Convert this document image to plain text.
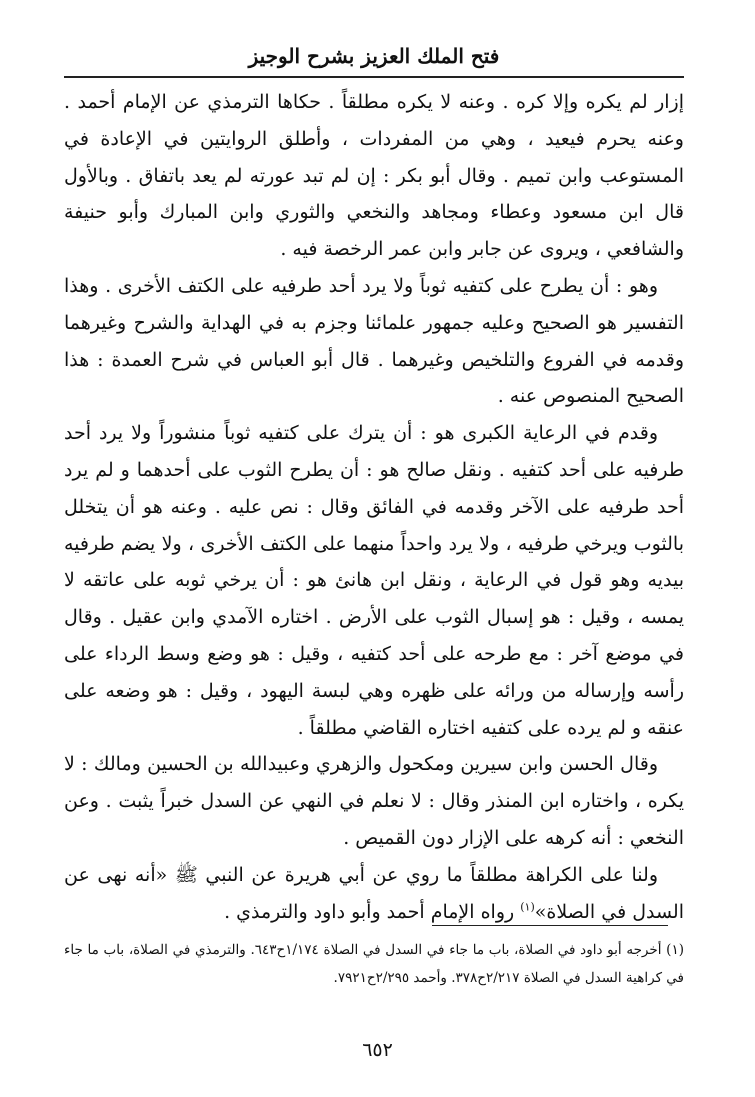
فتح الملك العزيز بشرح الوجيز

إزار لم يكره وإلا كره . وعنه لا يكره مطلقاً . حكاها الترمذي عن الإمام أحمد . وعنه يحرم فيعيد ، وهي من المفردات ، وأطلق الروايتين في الإعادة في المستوعب وابن تميم . وقال أبو بكر : إن لم تبد عورته لم يعد باتفاق . وبالأول قال ابن مسعود وعطاء ومجاهد والنخعي والثوري وابن المبارك وأبو حنيفة والشافعي ، ويروى عن جابر وابن عمر الرخصة فيه .

وهو : أن يطرح على كتفيه ثوباً ولا يرد أحد طرفيه على الكتف الأخرى . وهذا التفسير هو الصحيح وعليه جمهور علمائنا وجزم به في الهداية والشرح وغيرهما وقدمه في الفروع والتلخيص وغيرهما . قال أبو العباس في شرح العمدة : هذا الصحيح المنصوص عنه .

وقدم في الرعاية الكبرى هو : أن يترك على كتفيه ثوباً منشوراً ولا يرد أحد طرفيه على أحد كتفيه . ونقل صالح هو : أن يطرح الثوب على أحدهما و لم يرد أحد طرفيه على الآخر وقدمه في الفائق وقال : نص عليه . وعنه هو أن يتخلل بالثوب ويرخي طرفيه ، ولا يرد واحداً منهما على الكتف الأخرى ، ولا يضم طرفيه بيديه وهو قول في الرعاية ، ونقل ابن هانئ هو : أن يرخي ثوبه على عاتقه لا يمسه ، وقيل : هو إسبال الثوب على الأرض . اختاره الآمدي وابن عقيل . وقال في موضع آخر : مع طرحه على أحد كتفيه ، وقيل : هو وضع وسط الرداء على رأسه وإرساله من ورائه على ظهره وهي لبسة اليهود ، وقيل : هو وضعه على عنقه و لم يرده على كتفيه اختاره القاضي مطلقاً .

وقال الحسن وابن سيرين ومكحول والزهري وعبيدالله بن الحسين ومالك : لا يكره ، واختاره ابن المنذر وقال : لا نعلم في النهي عن السدل خبراً يثبت . وعن النخعي : أنه كرهه على الإزار دون القميص .

ولنا على الكراهة مطلقاً ما روي عن أبي هريرة عن النبي ﷺ «أنه نهى عن السدل في الصلاة»$^{(١)}$ رواه الإمام أحمد وأبو داود والترمذي .

(١) أخرجه أبو داود في الصلاة، باب ما جاء في السدل في الصلاة ١/١٧٤ح٦٤٣. والترمذي في الصلاة، باب ما جاء في كراهية السدل في الصلاة ٢/٢١٧ح٣٧٨. وأحمد ٢/٢٩٥ح٧٩٢١.

٦٥٢
